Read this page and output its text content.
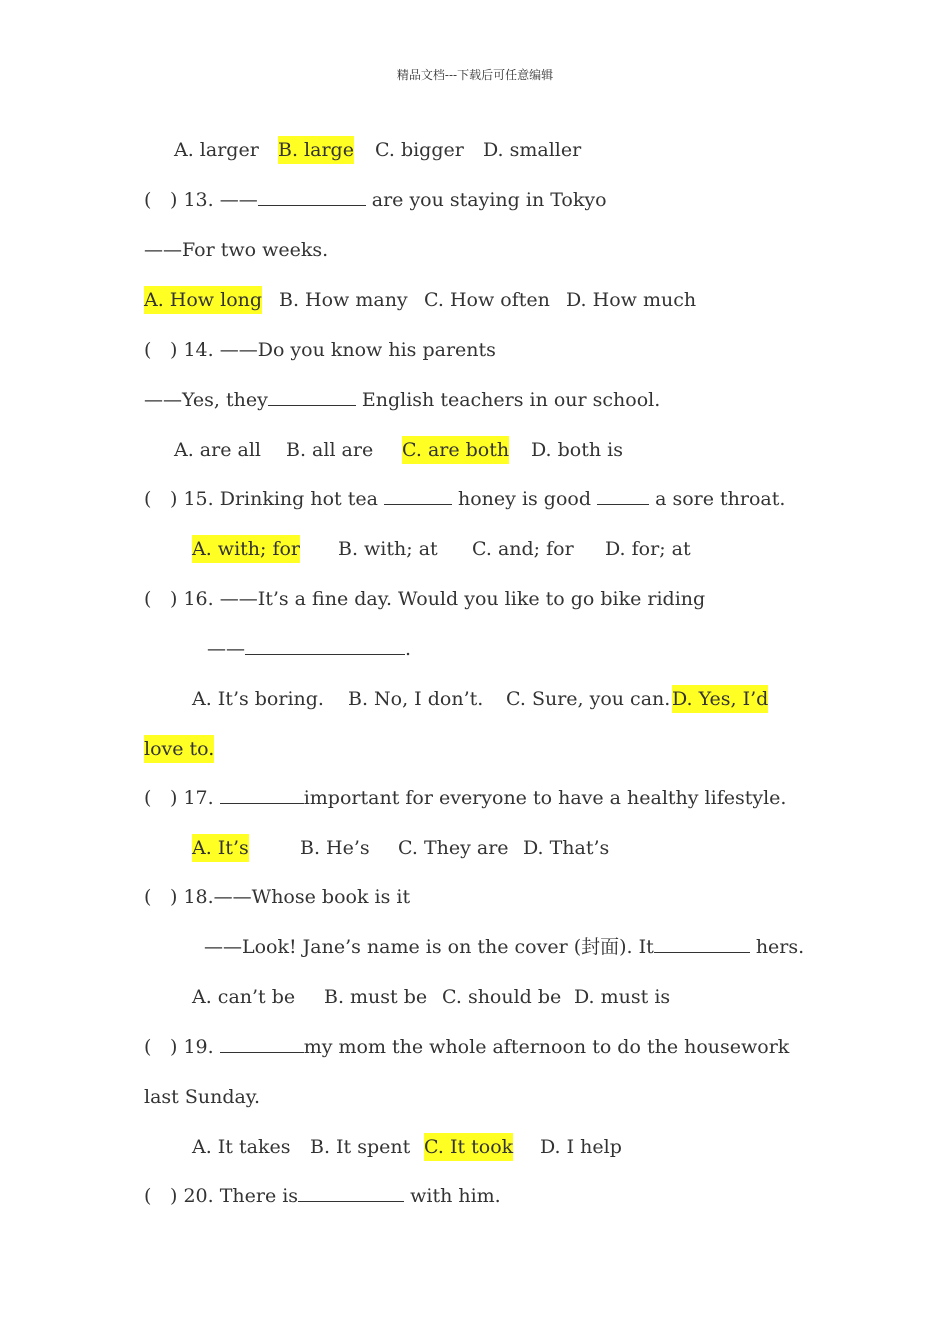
精品文档---下载后可任意编辑
A. larger B. large C. bigger D. smaller
( ) 13. ——	are you staying in Tokyo
——For two weeks.
A. How long B. How many C. How often D. How much
( ) 14. ——Do you know his parents
——Yes, they	English teachers in our school.
A. are all B. all are C. are both D. both is
( ) 15. Drinking hot tea	honey is good	a sore throat.
A. with; for B. with; at C. and; for D. for; at
( ) 16. ——It’s a fine day. Would you like to go bike riding
——	.
A. It’s boring. B. No, I don’t. C. Sure, you can. D. Yes, I’d
love to.
( ) 17.	important for everyone to have a healthy lifestyle.
A. It’s	B. He’s C. They are D. That’s
( ) 18.——Whose book is it
——Look! Jane’s name is on the cover (封面). It	hers.
A. can’t be B. must be C. should be D. must is
( ) 19.	my mom the whole afternoon to do the housework
last Sunday.
A. It takes B. It spent C. It took D. I help
( ) 20. There is	with him.
